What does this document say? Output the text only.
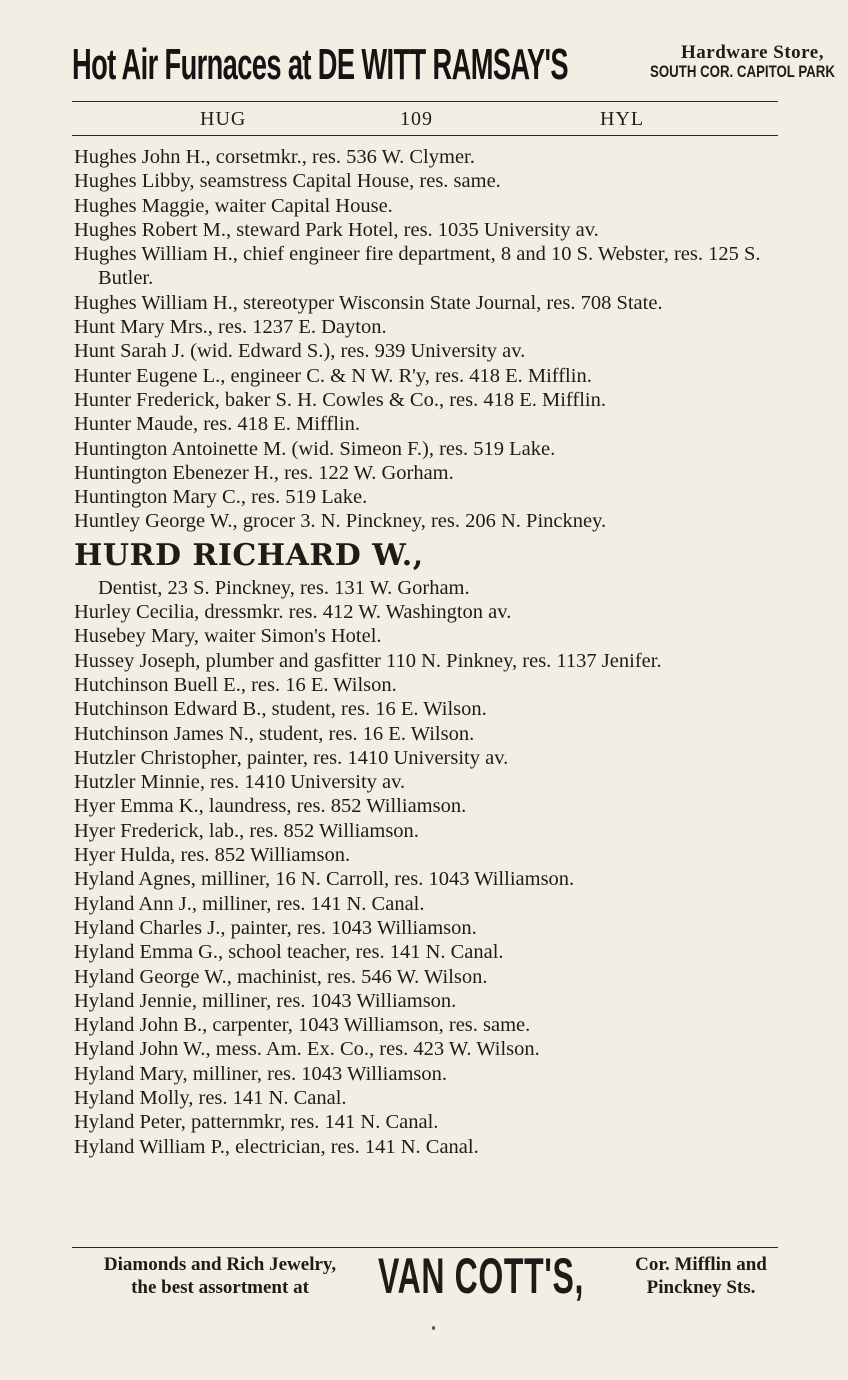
Hot Air Furnaces at DE WITT RAMSAY'S	Hardware Store,
SOUTH COR. CAPITOL PARK
HUG	109	HYL
Hughes John H., corsetmkr., res. 536 W. Clymer.
Hughes Libby, seamstress Capital House, res. same.
Hughes Maggie, waiter Capital House.
Hughes Robert M., steward Park Hotel, res. 1035 University av.
Hughes William H., chief engineer fire department, 8 and 10 S. Webster, res. 125 S. Butler.
Hughes William H., stereotyper Wisconsin State Journal, res. 708 State.
Hunt Mary Mrs., res. 1237 E. Dayton.
Hunt Sarah J. (wid. Edward S.), res. 939 University av.
Hunter Eugene L., engineer C. & N W. R'y, res. 418 E. Mifflin.
Hunter Frederick, baker S. H. Cowles & Co., res. 418 E. Mifflin.
Hunter Maude, res. 418 E. Mifflin.
Huntington Antoinette M. (wid. Simeon F.), res. 519 Lake.
Huntington Ebenezer H., res. 122 W. Gorham.
Huntington Mary C., res. 519 Lake.
Huntley George W., grocer 3. N. Pinckney, res. 206 N. Pinckney.
HURD RICHARD W.,
Dentist, 23 S. Pinckney, res. 131 W. Gorham.
Hurley Cecilia, dressmkr. res. 412 W. Washington av.
Husebey Mary, waiter Simon's Hotel.
Hussey Joseph, plumber and gasfitter 110 N. Pinkney, res. 1137 Jenifer.
Hutchinson Buell E., res. 16 E. Wilson.
Hutchinson Edward B., student, res. 16 E. Wilson.
Hutchinson James N., student, res. 16 E. Wilson.
Hutzler Christopher, painter, res. 1410 University av.
Hutzler Minnie, res. 1410 University av.
Hyer Emma K., laundress, res. 852 Williamson.
Hyer Frederick, lab., res. 852 Williamson.
Hyer Hulda, res. 852 Williamson.
Hyland Agnes, milliner, 16 N. Carroll, res. 1043 Williamson.
Hyland Ann J., milliner, res. 141 N. Canal.
Hyland Charles J., painter, res. 1043 Williamson.
Hyland Emma G., school teacher, res. 141 N. Canal.
Hyland George W., machinist, res. 546 W. Wilson.
Hyland Jennie, milliner, res. 1043 Williamson.
Hyland John B., carpenter, 1043 Williamson, res. same.
Hyland John W., mess. Am. Ex. Co., res. 423 W. Wilson.
Hyland Mary, milliner, res. 1043 Williamson.
Hyland Molly, res. 141 N. Canal.
Hyland Peter, patternmkr, res. 141 N. Canal.
Hyland William P., electrician, res. 141 N. Canal.
Diamonds and Rich Jewelry,
the best assortment at	VAN COTT'S,	Cor. Mifflin and
Pinckney Sts.
